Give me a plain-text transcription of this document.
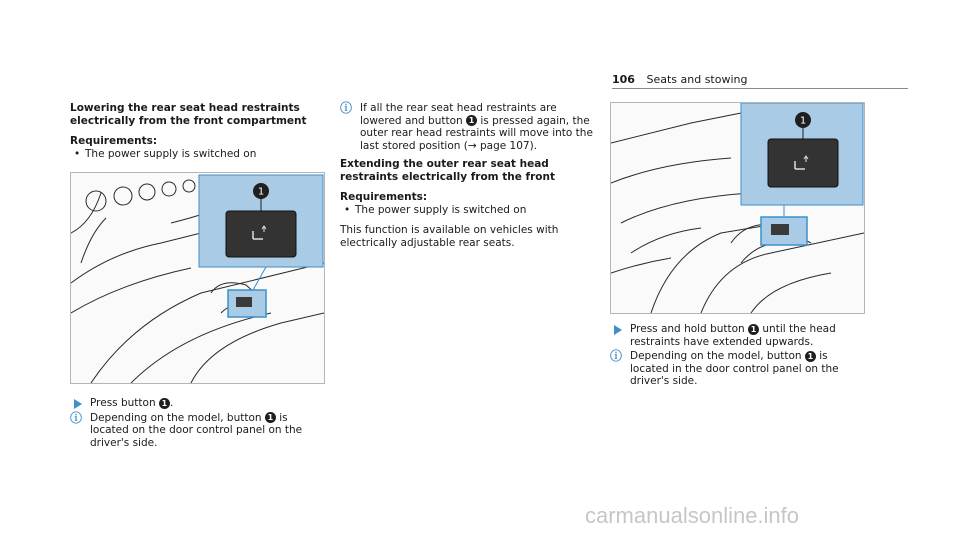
106 Seats and stowing
Lowering the rear seat head restraints electrically from the front compartment
Requirements:
• The power supply is switched on
1
Press button 1 .
ⓘ Depending on the model, button 1 is located on the door control panel on the driver's side.
ⓘ If all the rear seat head restraints are lowered and button 1 is pressed again, the outer rear head restraints will move into the last stored position (→ page 107).
Extending the outer rear seat head restraints electrically from the front
Requirements:
• The power supply is switched on
This function is available on vehicles with electrically adjustable rear seats.
1
Press and hold button 1 until the head restraints have extended upwards.
ⓘ Depending on the model, button 1 is located in the door control panel on the driver's side.
carmanualsonline.info
